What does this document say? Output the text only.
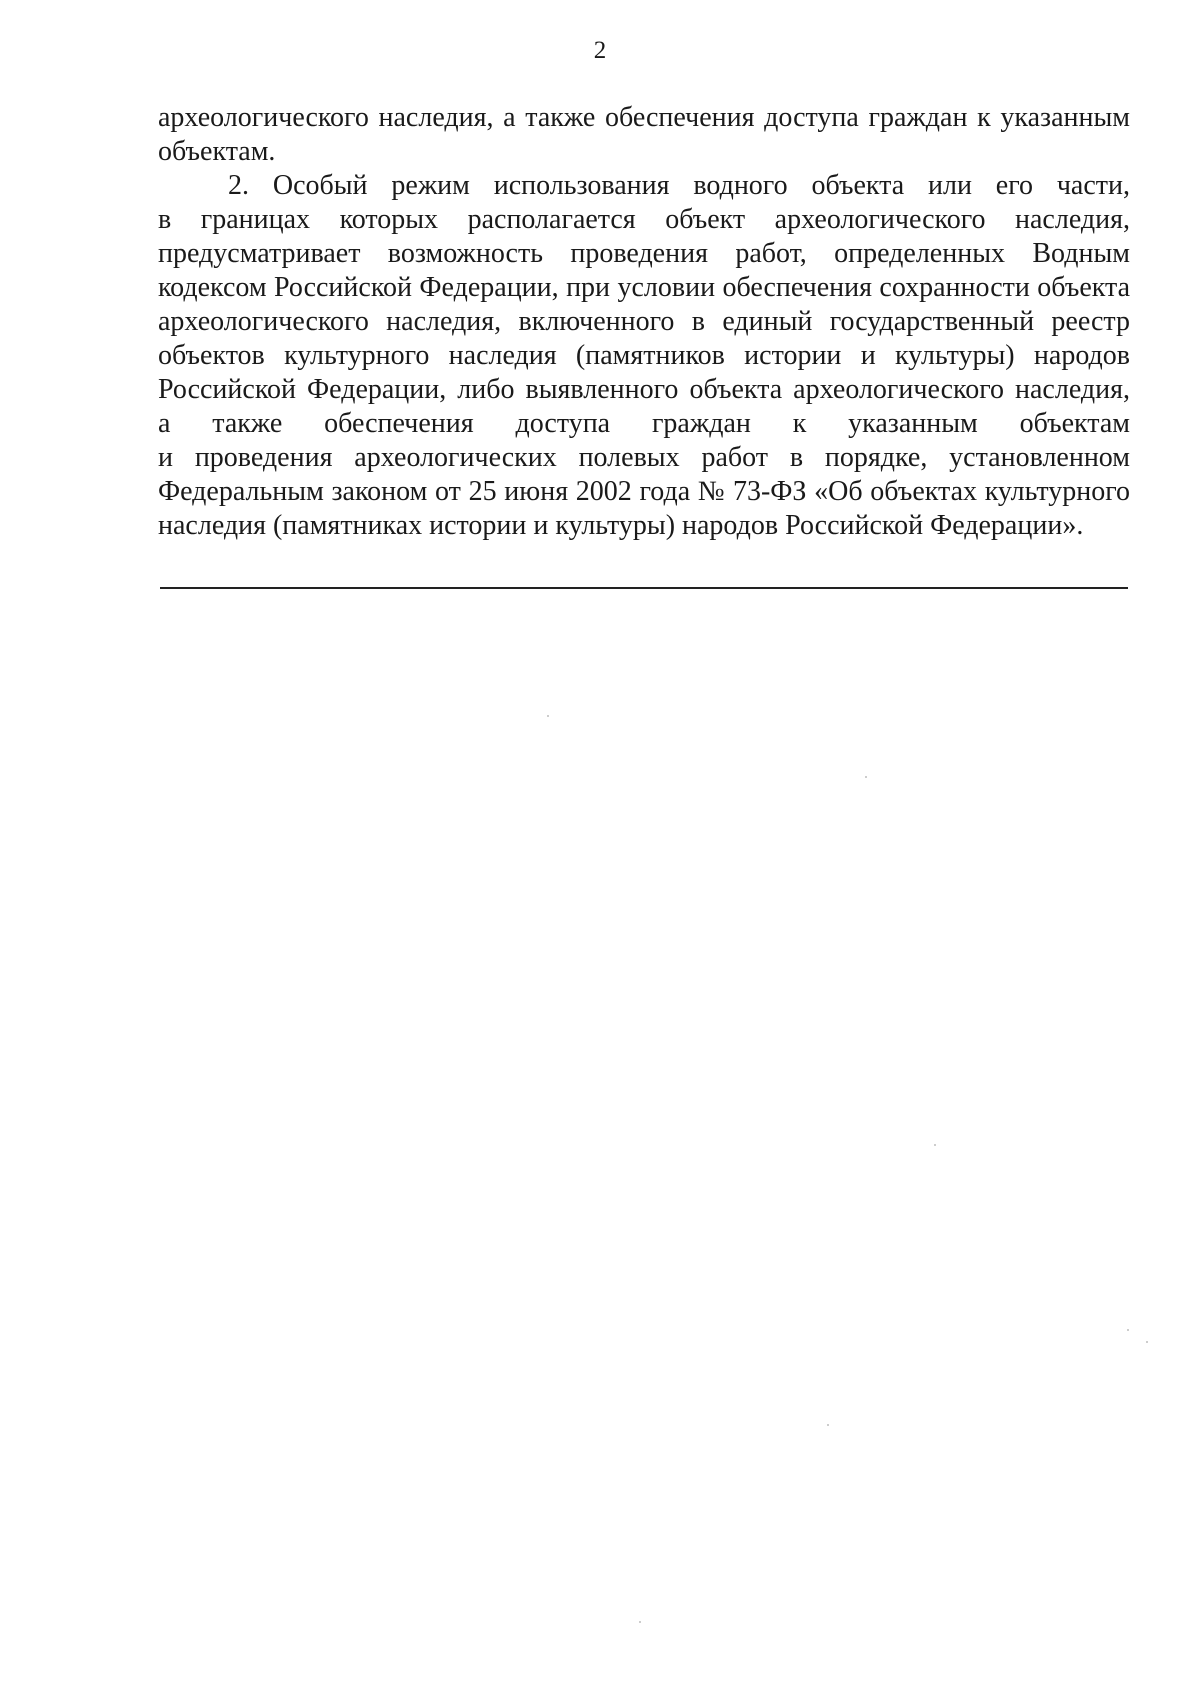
2
археологического наследия, а также обеспечения доступа граждан к указанным
объектам.
2. Особый режим использования водного объекта или его части,
в границах которых располагается объект археологического наследия,
предусматривает возможность проведения работ, определенных Водным
кодексом Российской Федерации, при условии обеспечения сохранности объекта
археологического наследия, включенного в единый государственный реестр
объектов культурного наследия (памятников истории и культуры) народов
Российской Федерации, либо выявленного объекта археологического наследия,
а также обеспечения доступа граждан к указанным объектам
и проведения археологических полевых работ в порядке, установленном
Федеральным законом от 25 июня 2002 года № 73-ФЗ «Об объектах культурного
наследия (памятниках истории и культуры) народов Российской Федерации».
